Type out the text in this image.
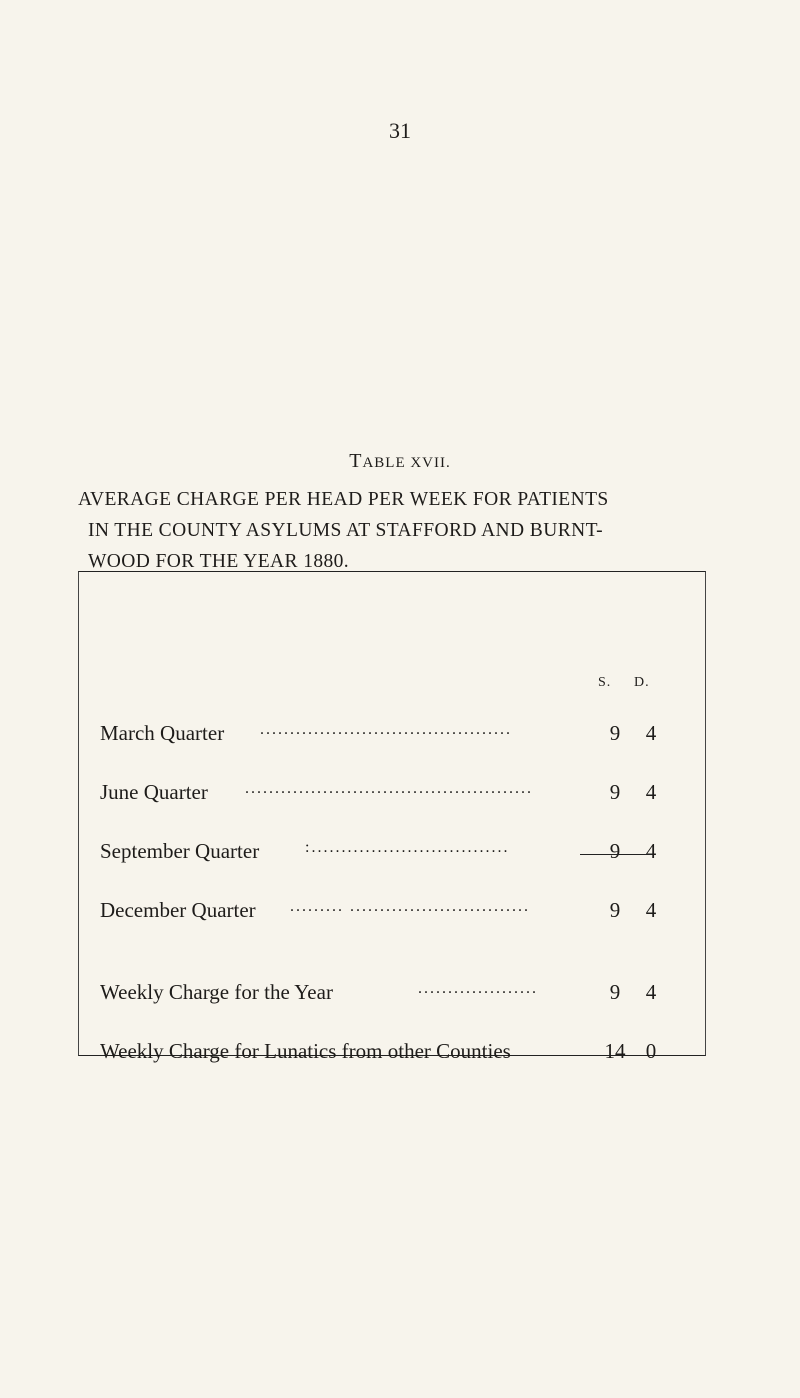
31
TABLE XVII.
AVERAGE CHARGE PER HEAD PER WEEK FOR PATIENTS
IN THE COUNTY ASYLUMS AT STAFFORD AND BURNT-
WOOD FOR THE YEAR 1880.
S. D.
March Quarter ..........................................	9 4
June Quarter ................................................	9 4
September Quarter	:.................................	9 4
December Quarter ......... ..............................	9 4
Weekly Charge for the Year	....................	9 4
Weekly Charge for Lunatics from other Counties	14 0
